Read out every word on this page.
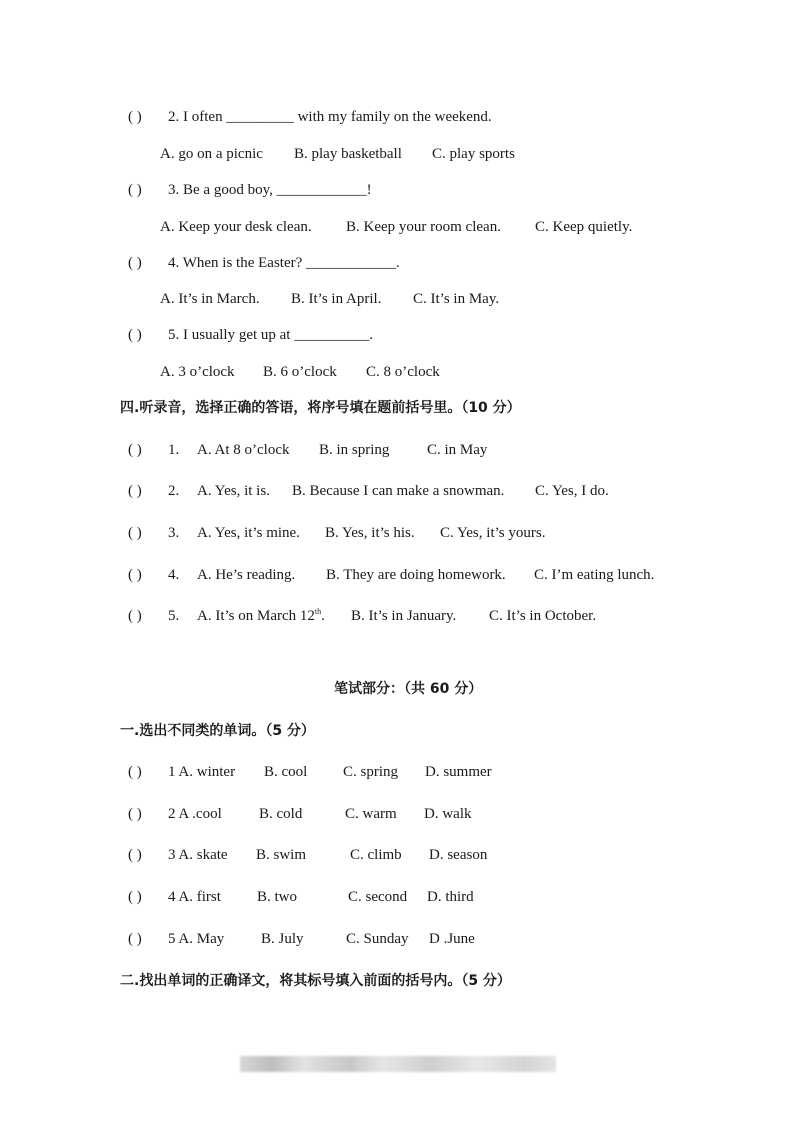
( ) 2. I often _________ with my family on the weekend.
A. go on a picnic B. play basketball C. play sports
( ) 3. Be a good boy, ____________!
A. Keep your desk clean. B. Keep your room clean. C. Keep quietly.
( ) 4. When is the Easter? ____________.
A. It’s in March. B. It’s in April. C. It’s in May.
( ) 5. I usually get up at __________.
A. 3 o’clock B. 6 o’clock C. 8 o’clock
四.听录音，选择正确的答语，将序号填在题前括号里。（10 分）
( ) 1. A. At 8 o’clock B. in spring	C. in May
( ) 2. A. Yes, it is. B. Because I can make a snowman. C. Yes, I do.
( ) 3. A. Yes, it’s mine. B. Yes, it’s his. C. Yes, it’s yours.
( ) 4. A. He’s reading. B. They are doing homework. C. I’m eating lunch.
( ) 5. A. It’s on March 12th. B. It’s in January. C. It’s in October.
笔试部分：（共 60 分）
一.选出不同类的单词。（5 分）
( ) 1 A. winter B. cool C. spring D. summer
( ) 2 A .cool B. cold	C. warm D. walk
( ) 3 A. skate B. swim	C. climb D. season
( ) 4 A. first B. two	C. second D. third
( ) 5 A. May B. July	C. Sunday D .June
二.找出单词的正确译文，将其标号填入前面的括号内。（5 分）
